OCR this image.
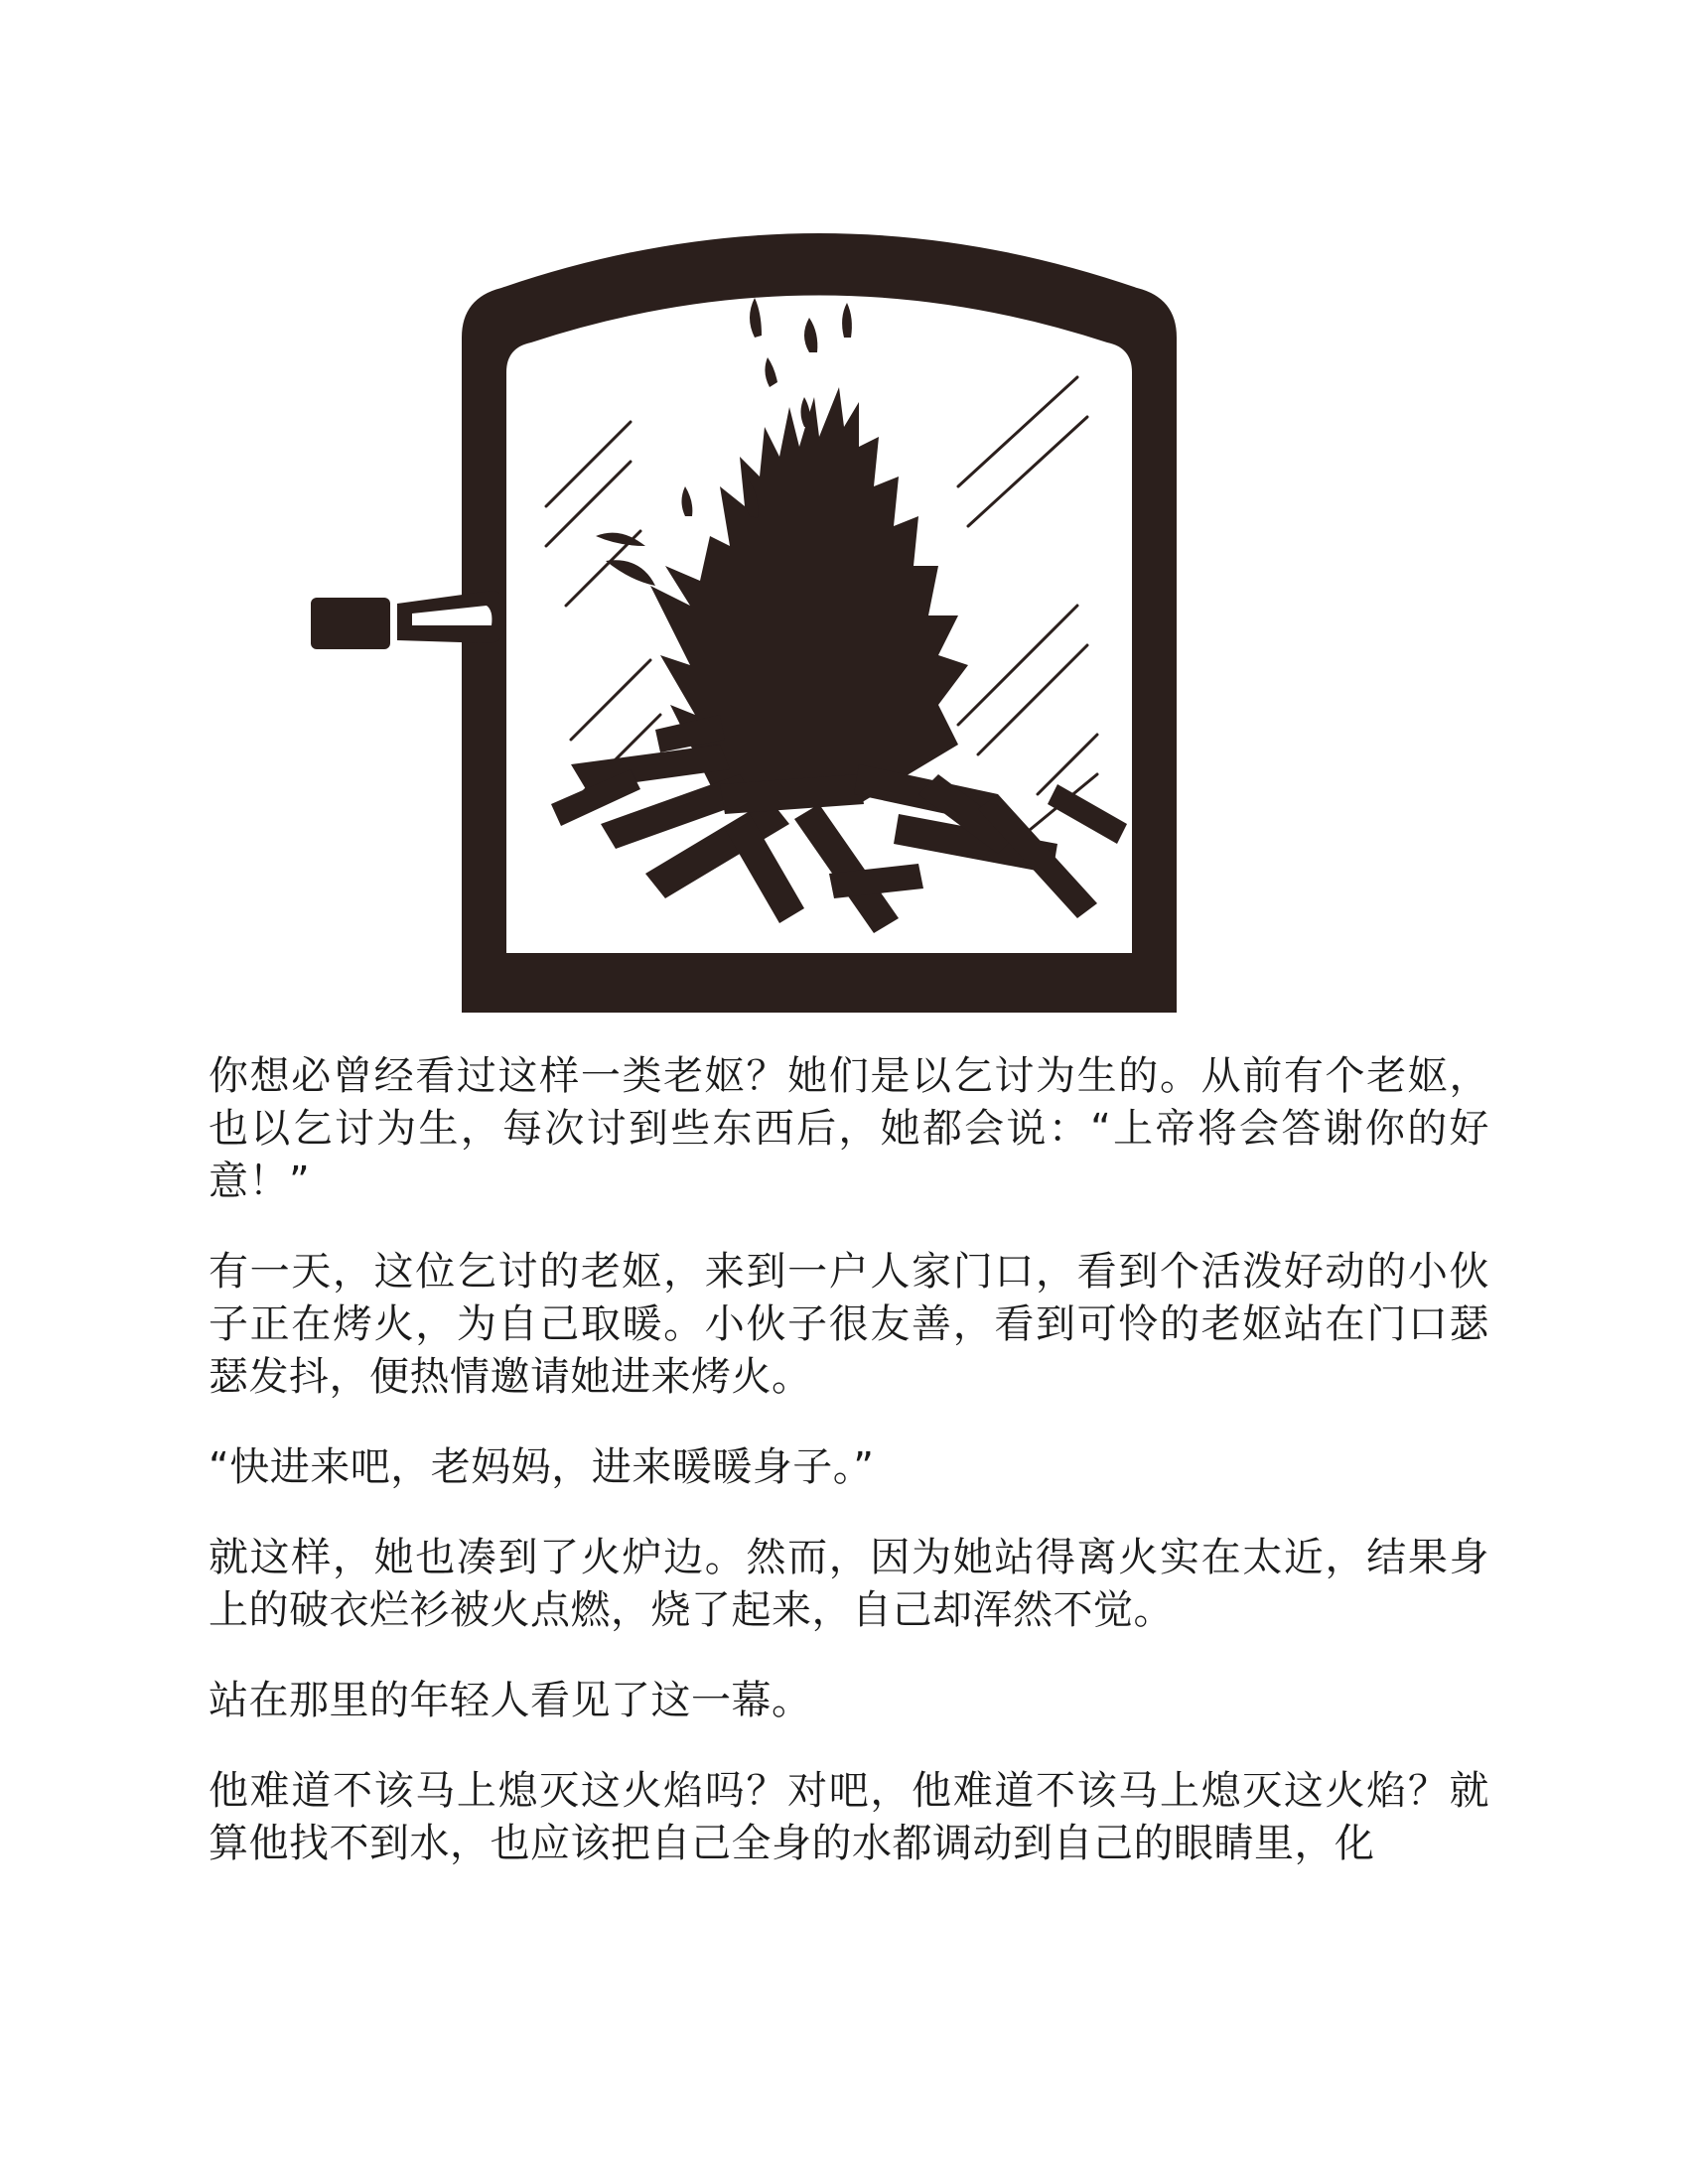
你想必曾经看过这样一类老妪？她们是以乞讨为生的。从前有个老妪，也以乞讨为生，每次讨到些东西后，她都会说：“上帝将会答谢你的好意！”

有一天，这位乞讨的老妪，来到一户人家门口，看到个活泼好动的小伙子正在烤火，为自己取暖。小伙子很友善，看到可怜的老妪站在门口瑟瑟发抖，便热情邀请她进来烤火。

“快进来吧，老妈妈，进来暖暖身子。”

就这样，她也凑到了火炉边。然而，因为她站得离火实在太近，结果身上的破衣烂衫被火点燃，烧了起来，自己却浑然不觉。

站在那里的年轻人看见了这一幕。

他难道不该马上熄灭这火焰吗？对吧，他难道不该马上熄灭这火焰？就算他找不到水，也应该把自己全身的水都调动到自己的眼睛里，化
